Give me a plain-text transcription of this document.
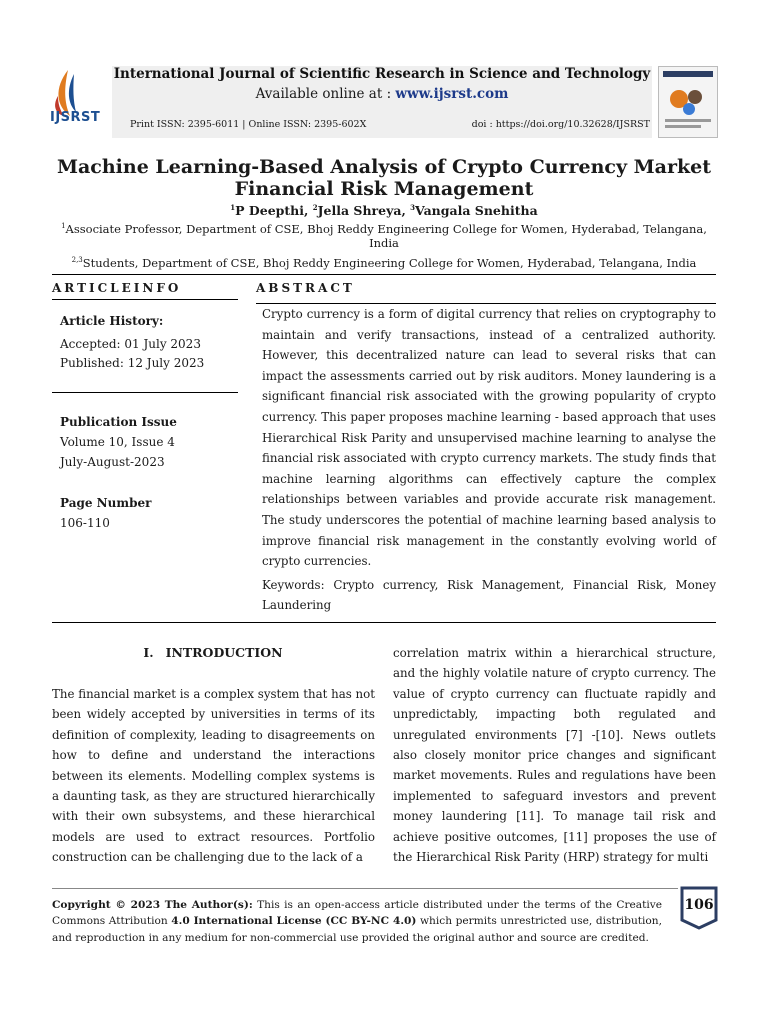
IJSRST
International Journal of Scientific Research in Science and Technology
Available online at : www.ijsrst.com
Print ISSN: 2395-6011 | Online ISSN: 2395-602X	doi : https://doi.org/10.32628/IJSRST
Machine Learning-Based Analysis of Crypto Currency Market
Financial Risk Management
$^1$P Deepthi, $^2$Jella Shreya, $^3$Vangala Snehitha
$^1$Associate Professor, Department of CSE, Bhoj Reddy Engineering College for Women, Hyderabad, Telangana, India
$^{2,3}$Students, Department of CSE, Bhoj Reddy Engineering College for Women, Hyderabad, Telangana, India
ARTICLEINFO
Article History:
Accepted: 01 July 2023
Published: 12 July 2023
Publication Issue
Volume 10, Issue 4
July-August-2023
Page Number
106-110
ABSTRACT
Crypto currency is a form of digital currency that relies on cryptography to maintain and verify transactions, instead of a centralized authority. However, this decentralized nature can lead to several risks that can impact the assessments carried out by risk auditors. Money laundering is a significant financial risk associated with the growing popularity of crypto currency. This paper proposes machine learning - based approach that uses Hierarchical Risk Parity and unsupervised machine learning to analyse the financial risk associated with crypto currency markets. The study finds that machine learning algorithms can effectively capture the complex relationships between variables and provide accurate risk management. The study underscores the potential of machine learning based analysis to improve financial risk management in the constantly evolving world of crypto currencies.
Keywords: Crypto currency, Risk Management, Financial Risk, Money Laundering
I. INTRODUCTION
The financial market is a complex system that has not been widely accepted by universities in terms of its definition of complexity, leading to disagreements on how to define and understand the interactions between its elements. Modelling complex systems is a daunting task, as they are structured hierarchically with their own subsystems, and these hierarchical models are used to extract resources. Portfolio construction can be challenging due to the lack of a
correlation matrix within a hierarchical structure, and the highly volatile nature of crypto currency. The value of crypto currency can fluctuate rapidly and unpredictably, impacting both regulated and unregulated environments [7] -[10]. News outlets also closely monitor price changes and significant market movements. Rules and regulations have been implemented to safeguard investors and prevent money laundering [11]. To manage tail risk and achieve positive outcomes, [11] proposes the use of the Hierarchical Risk Parity (HRP) strategy for multi
Copyright © 2023 The Author(s): This is an open-access article distributed under the terms of the Creative Commons Attribution 4.0 International License (CC BY-NC 4.0) which permits unrestricted use, distribution, and reproduction in any medium for non-commercial use provided the original author and source are credited.
106
